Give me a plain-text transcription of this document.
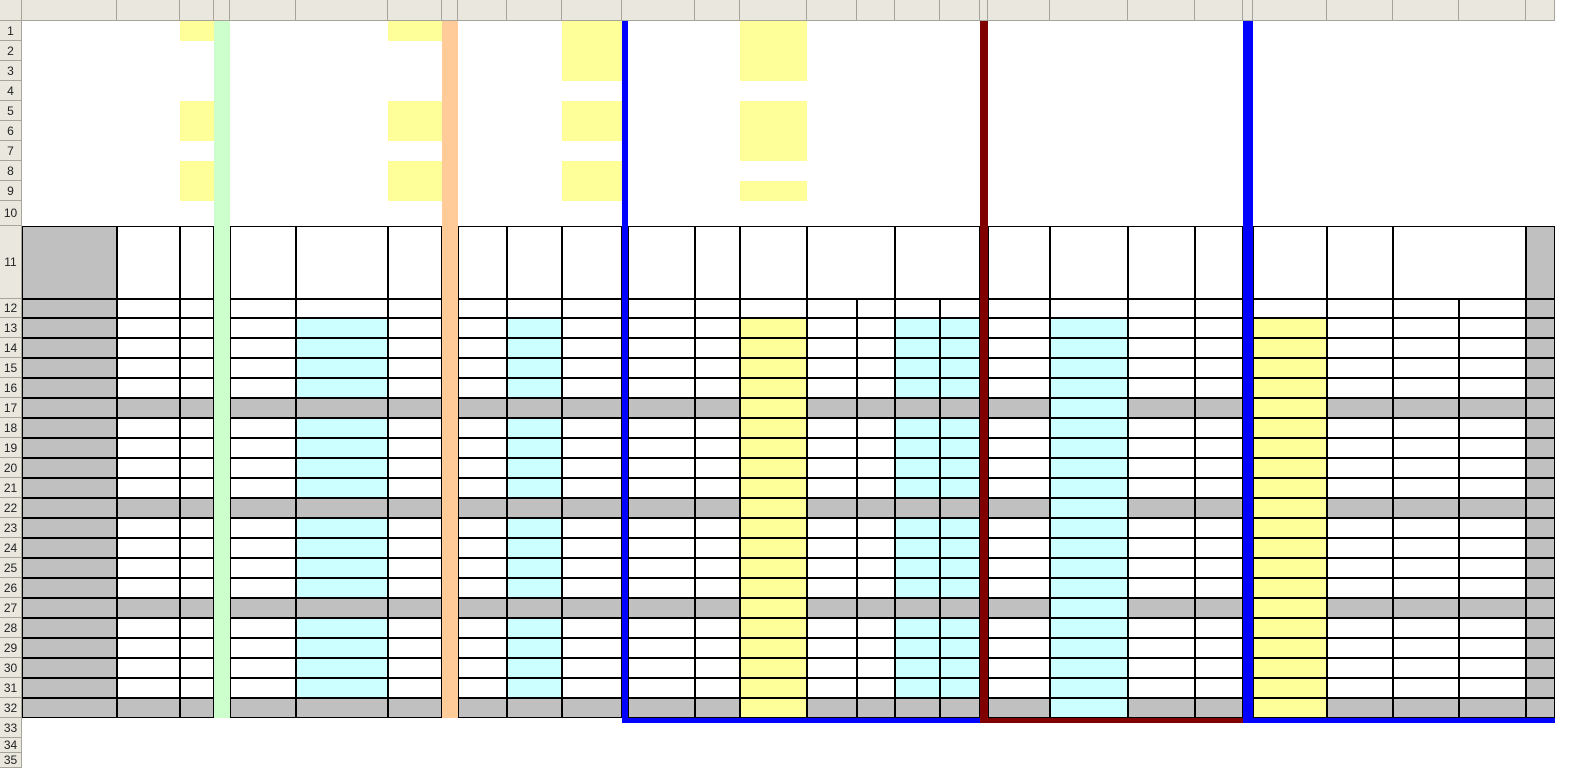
1
2
3
4
5
6
7
8
9
10
11
12
13
14
15
16
17
18
19
20
21
22
23
24
25
26
27
28
29
30
31
32
33
34
35
